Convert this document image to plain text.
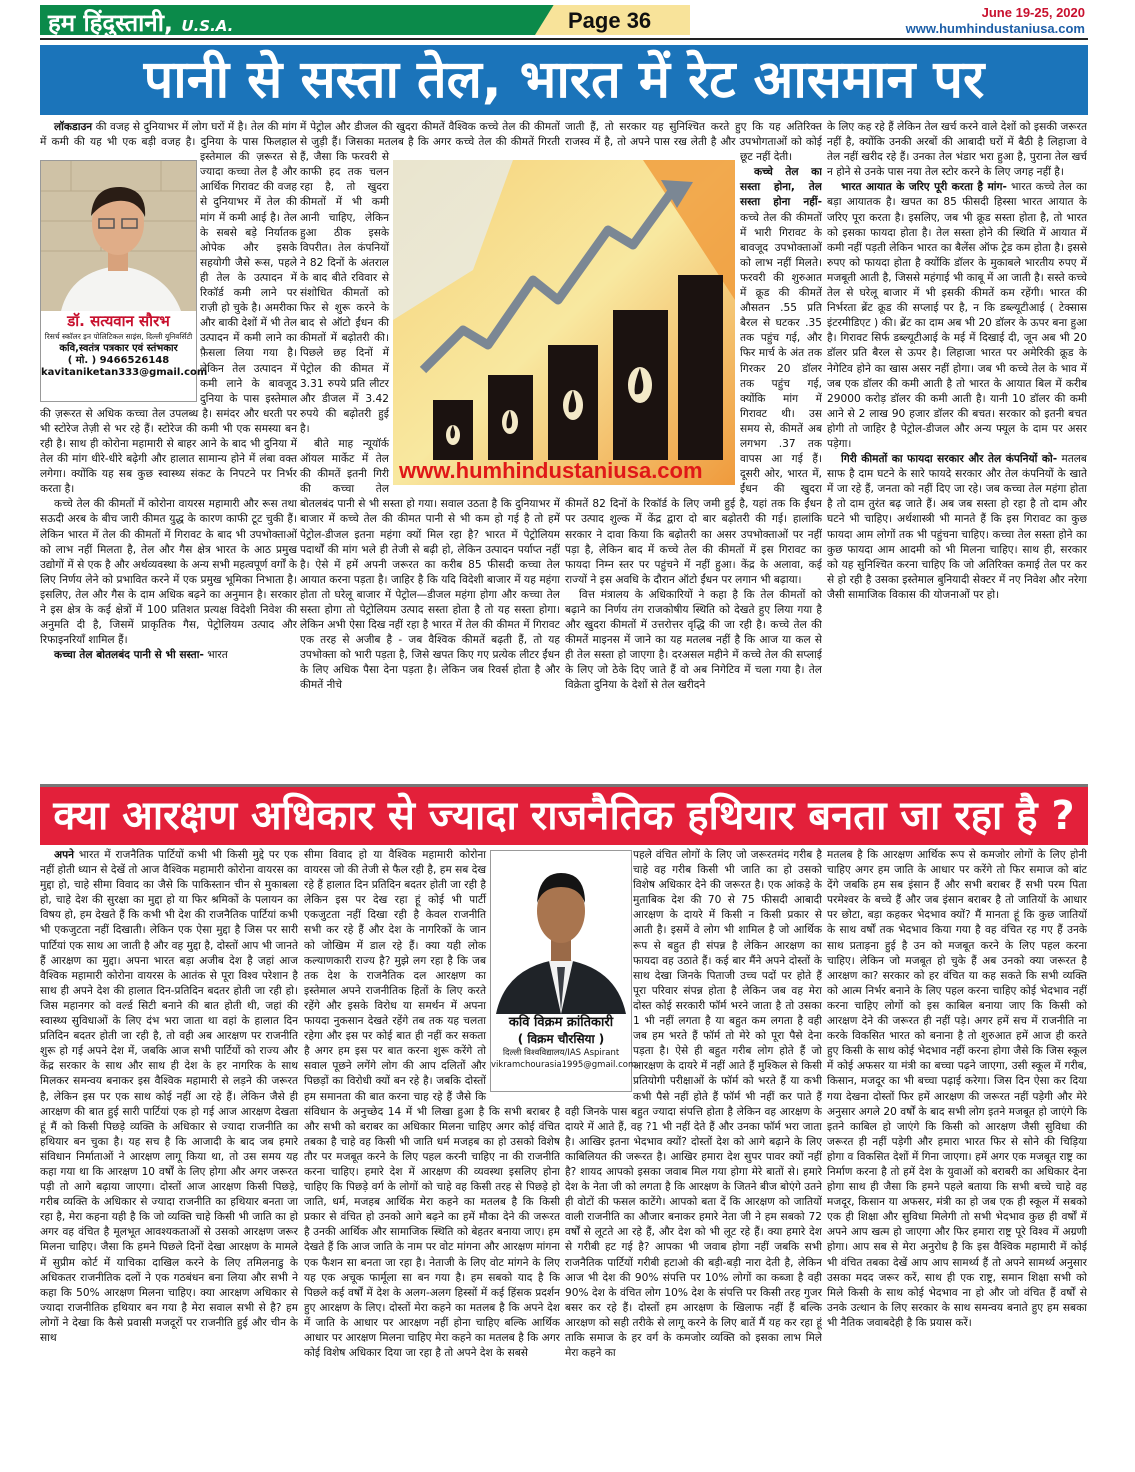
हम हिंदुस्तानी, U.S.A.	Page 36	June 19-25, 2020
www.humhindustaniusa.com
पानी से सस्ता तेल, भारत में रेट आसमान पर

लॉकडाउन की वजह से दुनियाभर में लोग घरों में है। तेल की मांग में कमी की यह भी एक बड़ी वजह है। दुनिया के पास फिलहाल इस्तेमाल की ज़रूरत से ज्यादा कच्चा तेल है और आर्थिक गिरावट की वजह से दुनियाभर में तेल की मांग में कमी आई है। तेल के सबसे बड़े निर्यातक ओपेक और इसके सहयोगी जैसे रूस, पहले ही तेल के उत्पादन में रिकॉर्ड कमी लाने पर राज़ी हो चुके है। अमरीका और बाकी देशों में भी तेल उत्पादन में कमी लाने का फ़ैसला लिया गया है। लेकिन तेल उत्पादन में कमी लाने के बावजूद दुनिया के पास इस्तेमाल की ज़रूरत से अधिक कच्चा तेल उपलब्ध है। समंदर और धरती पर भी स्टोरेज तेज़ी से भर रहे हैं। स्टोरेज की कमी भी एक समस्या बन रही है। साथ ही कोरोना महामारी से बाहर आने के बाद भी दुनिया में तेल की मांग धीरे-धीरे बढ़ेगी और हालात सामान्य होने में लंबा वक्त लगेगा। क्योंकि यह सब कुछ स्वास्थ्य संकट के निपटने पर निर्भर करता है।

कच्चे तेल की कीमतों में कोरोना वायरस महामारी और रूस तथा सऊदी अरब के बीच जारी कीमत युद्ध के कारण काफी टूट चुकी हैं। लेकिन भारत में तेल की कीमतों में गिरावट के बाद भी उपभोक्ताओं को लाभ नहीं मिलता है, तेल और गैस क्षेत्र भारत के आठ प्रमुख उद्योगों में से एक है और अर्थव्यवस्था के अन्य सभी महत्वपूर्ण वर्गों के लिए निर्णय लेने को प्रभावित करने में एक प्रमुख भूमिका निभाता है। इसलिए, तेल और गैस के दाम अधिक बढ़ने का अनुमान है। सरकार ने इस क्षेत्र के कई क्षेत्रों में 100 प्रतिशत प्रत्यक्ष विदेशी निवेश की अनुमति दी है, जिसमें प्राकृतिक गैस, पेट्रोलियम उत्पाद और रिफाइनरियाँ शामिल हैं।

कच्चा तेल बोतलबंद पानी से भी सस्ता- भारत

में पेट्रोल और डीजल की खुदरा कीमतें वैश्विक कच्चे तेल की कीमतों से जुड़ी हैं। जिसका मतलब है कि अगर कच्चे तेल की कीमतें गिरती हैं, जैसा कि फरवरी से काफी हद तक चलन रहा है, तो खुदरा कीमतों में भी कमी आनी चाहिए, लेकिन हुआ ठीक इसके विपरीत। तेल कंपनियों ने 82 दिनों के अंतराल के बाद बीते रविवार से संशोधित कीमतों को फिर से शुरू करने के बाद से ऑटो ईंधन की कीमतों में बढ़ोतरी की। पिछले छह दिनों में पेट्रोल की कीमत में 3.31 रुपये प्रति लीटर और डीजल में 3.42 रुपये की बढ़ोतरी हुई है।

बीते माह न्यूयॉर्क ऑयल मार्केट में तेल की कीमतें इतनी गिरी की कच्चा तेल बोतलबंद पानी से भी सस्ता हो गया। सवाल उठता है कि दुनियाभर में बाजार में कच्चे तेल की कीमत पानी से भी कम हो गई है तो हमें पेट्रोल-डीजल इतना महंगा क्यों मिल रहा है? भारत में पेट्रोलियम पदार्थों की मांग भले ही तेजी से बढ़ी हो, लेकिन उत्पादन पर्याप्त नहीं है। ऐसे में हमें अपनी जरूरत का करीब 85 फीसदी कच्चा तेल आयात करना पड़ता है। जाहिर है कि यदि विदेशी बाजार में यह महंगा होता तो घरेलू बाजार में पेट्रोल—डीजल महंगा होगा और कच्चा तेल सस्ता होगा तो पेट्रोलियम उत्पाद सस्ता होता है तो यह सस्ता होगा। लेकिन अभी ऐसा दिख नहीं रहा है भारत में तेल की कीमत में गिरावट एक तरह से अजीब है - जब वैश्विक कीमतें बढ़ती हैं, तो यह उपभोक्ता को भारी पड़ता है, जिसे खपत किए गए प्रत्येक लीटर ईंधन के लिए अधिक पैसा देना पड़ता है। लेकिन जब रिवर्स होता है और कीमतें नीचे

जाती हैं, तो सरकार यह सुनिश्चित करते हुए कि यह अतिरिक्त राजस्व में है, तो अपने पास रख लेती है और उपभोगताओं को कोई छूट नहीं देती।

कच्चे तेल का सस्ता होना, तेल सस्ता होना नहीं- कच्चे तेल की कीमतों में भारी गिरावट के बावजूद उपभोक्ताओं को लाभ नहीं मिलते। फरवरी की शुरुआत में क्रूड की कीमतें औसतन .55 प्रति बैरल से घटकर .35 तक पहुंच गई, और फिर मार्च के अंत तक गिरकर 20 डॉलर तक पहुंच गई, क्योंकि मांग में गिरावट थी। उस समय से, कीमतें अब लगभग .37 तक वापस आ गई हैं। दूसरी ओर, भारत में, ईंधन की खुदरा कीमतें 82 दिनों के रिकॉर्ड के लिए जमी हुई है, यहां तक कि ईंधन पर उत्पाद शुल्क में केंद्र द्वारा दो बार बढ़ोतरी की गई। हालांकि सरकार ने दावा किया कि बढ़ोतरी का असर उपभोक्ताओं पर नहीं पड़ा है, लेकिन बाद में कच्चे तेल की कीमतों में इस गिरावट का फायदा निम्न स्तर पर पहुंचने में नहीं हुआ। केंद्र के अलावा, कई राज्यों ने इस अवधि के दौरान ऑटो ईंधन पर लगान भी बढ़ाया।

वित्त मंत्रालय के अधिकारियों ने कहा है कि तेल कीमतों को बढ़ाने का निर्णय तंग राजकोषीय स्थिति को देखते हुए लिया गया है और खुदरा कीमतों में उत्तरोत्तर वृद्धि की जा रही है। कच्चे तेल की कीमतें माइनस में जाने का यह मतलब नहीं है कि आज या कल से ही तेल सस्ता हो जाएगा है। दरअसल महीने में कच्चे तेल की सप्लाई के लिए जो ठेके दिए जाते हैं वो अब निगेटिव में चला गया है। तेल विक्रेता दुनिया के देशों से तेल खरीदने

के लिए कह रहे हैं लेकिन तेल खर्च करने वाले देशों को इसकी जरूरत नहीं है, क्योंकि उनकी अरबों की आबादी घरों में बैठी है लिहाजा वे तेल नहीं खरीद रहे हैं। उनका तेल भंडार भरा हुआ है, पुराना तेल खर्च न होने से उनके पास नया तेल स्टोर करने के लिए जगह नहीं है।

भारत आयात के जरिए पूरी करता है मांग- भारत कच्चे तेल का बड़ा आयातक है। खपत का 85 फीसदी हिस्सा भारत आयात के जरिए पूरा करता है। इसलिए, जब भी क्रूड सस्ता होता है, तो भारत को इसका फायदा होता है। तेल सस्ता होने की स्थिति में आयात में कमी नहीं पड़ती लेकिन भारत का बैलेंस ऑफ ट्रेड कम होता है। इससे रुपए को फायदा होता है क्योंकि डॉलर के मुकाबले भारतीय रुपए में मजबूती आती है, जिससे महंगाई भी काबू में आ जाती है। सस्ते कच्चे तेल से घरेलू बाजार में भी इसकी कीमतें कम रहेंगी। भारत की निर्भरता ब्रेंट क्रूड की सप्लाई पर है, न कि डब्ल्यूटीआई ( टेक्सास इंटरमीडिएट ) की। ब्रेंट का दाम अब भी 20 डॉलर के ऊपर बना हुआ है। गिरावट सिर्फ डब्ल्यूटीआई के मई में दिखाई दी, जून अब भी 20 डॉलर प्रति बैरल से ऊपर है। लिहाजा भारत पर अमेरिकी क्रूड के नेगेटिव होने का खास असर नहीं होगा। जब भी कच्चे तेल के भाव में जब एक डॉलर की कमी आती है तो भारत के आयात बिल में करीब 29000 करोड़ डॉलर की कमी आती है। यानी 10 डॉलर की कमी आने से 2 लाख 90 हजार डॉलर की बचत। सरकार को इतनी बचत होगी तो जाहिर है पेट्रोल-डीजल और अन्य फ्यूल के दाम पर असर पड़ेगा।

गिरी कीमतों का फायदा सरकार और तेल कंपनियों को- मतलब साफ है दाम घटने के सारे फायदे सरकार और तेल कंपनियों के खाते में जा रहे हैं, जनता को नहीं दिए जा रहे। जब कच्चा तेल महंगा होता है तो दाम तुरंत बढ़ जाते हैं। अब जब सस्ता हो रहा है तो दाम और घटने भी चाहिए। अर्थशास्त्री भी मानते हैं कि इस गिरावट का कुछ फायदा आम लोगों तक भी पहुंचना चाहिए। कच्चा तेल सस्ता होने का कुछ फायदा आम आदमी को भी मिलना चाहिए। साथ ही, सरकार को यह सुनिश्चित करना चाहिए कि जो अतिरिक्त कमाई तेल पर कर से हो रही है उसका इस्तेमाल बुनियादी सेक्टर में नए निवेश और नरेगा जैसी सामाजिक विकास की योजनाओं पर हो।

डॉ. सत्यवान सौरभ
रिसर्च स्कॉलर इन पोलिटिकल साइंस, दिल्ली यूनिवर्सिटी
कवि,स्वतंत्र पत्रकार एवं स्तंभकार
( मो. ) 9466526148
kavitaniketan333@gmail.com
www.humhindustaniusa.com
क्या आरक्षण अधिकार से ज्यादा राजनैतिक हथियार बनता जा रहा है ?

अपने भारत में राजनैतिक पार्टियों कभी भी किसी मुद्दे पर एक नहीं होती ध्यान से देखें तो आज वैश्विक महामारी कोरोना वायरस का मुद्दा हो, चाहे सीमा विवाद का जैसे कि पाकिस्तान चीन से मुकाबला हो, चाहे देश की सुरक्षा का मुद्दा हो या फिर श्रमिकों के पलायन का विषय हो, हम देखते हैं कि कभी भी देश की राजनैतिक पार्टियां कभी भी एकजुटता नहीं दिखाती। लेकिन एक ऐसा मुद्दा है जिस पर सारी पार्टियां एक साथ आ जाती है और वह मुद्दा है, दोस्तों आप भी जानते हैं आरक्षण का मुद्दा। अपना भारत बड़ा अजीब देश है जहां आज वैश्विक महामारी कोरोना वायरस के आतंक से पूरा विश्व परेशान है साथ ही अपने देश की हालात दिन-प्रतिदिन बदतर होती जा रही हो। जिस महानगर को वर्ल्ड सिटी बनाने की बात होती थी, जहां की स्वास्थ्य सुविधाओं के लिए दंभ भरा जाता था वहां के हालात दिन प्रतिदिन बदतर होती जा रही है, तो वही अब आरक्षण पर राजनीति शुरू हो गई अपने देश में, जबकि आज सभी पार्टियों को राज्य और केंद्र सरकार के साथ और साथ ही देश के हर नागरिक के साथ मिलकर समन्वय बनाकर इस वैश्विक महामारी से लड़ने की जरूरत है, लेकिन इस पर एक साथ कोई नहीं आ रहे हैं। लेकिन जैसे ही आरक्षण की बात हुई सारी पार्टियां एक हो गई आज आरक्षण देखता हूं मैं को किसी पिछड़े व्यक्ति के अधिकार से ज्यादा राजनीति का हथियार बन चुका है। यह सच है कि आजादी के बाद जब हमारे संविधान निर्माताओं ने आरक्षण लागू किया था, तो उस समय यह कहा गया था कि आरक्षण 10 वर्षों के लिए होगा और अगर जरूरत पड़ी तो आगे बढ़ाया जाएगा। दोस्तों आज आरक्षण किसी पिछड़े, गरीब व्यक्ति के अधिकार से ज्यादा राजनीति का हथियार बनता जा रहा है, मेरा कहना यही है कि जो व्यक्ति चाहे किसी भी जाति का हो अगर वह वंचित है मूलभूत आवश्यकताओं से उसको आरक्षण जरूर मिलना चाहिए। जैसा कि हमने पिछले दिनों देखा आरक्षण के मामले में सुप्रीम कोर्ट में याचिका दाखिल करने के लिए तमिलनाडु के अधिकतर राजनीतिक दलों ने एक गठबंधन बना लिया और सभी ने कहा कि 50% आरक्षण मिलना चाहिए। क्या आरक्षण अधिकार से ज्यादा राजनीतिक हथियार बन गया है मेरा सवाल सभी से है? हम लोगों ने देखा कि कैसे प्रवासी मजदूरों पर राजनीति हुई और चीन के साथ

सीमा विवाद हो या वैश्विक महामारी कोरोना वायरस जो की तेजी से फैल रही है, हम सब देख रहे हैं हालात दिन प्रतिदिन बदतर होती जा रही है लेकिन इस पर देख रहा हूं कोई भी पार्टी एकजुटता नहीं दिखा रही है केवल राजनीति सभी कर रहे हैं और देश के नागरिकों के जान को जोखिम में डाल रहे हैं। क्या यही लोक कल्याणकारी राज्य है? मुझे लग रहा है कि जब तक देश के राजनैतिक दल आरक्षण का इस्तेमाल अपने राजनीतिक हितों के लिए करते रहेंगे और इसके विरोध या समर्थन में अपना फायदा नुकसान देखते रहेंगे तब तक यह चलता रहेगा और इस पर कोई बात ही नहीं कर सकता है अगर हम इस पर बात करना शुरू करेंगे तो सवाल पूछने लगेंगे लोग की आप दलितों और पिछड़ों का विरोधी क्यों बन रहे है। जबकि दोस्तों हम समानता की बात करना चाह रहे हैं जैसे कि संविधान के अनुच्छेद 14 में भी लिखा हुआ है कि सभी बराबर है और सभी को बराबर का अधिकार मिलना चाहिए अगर कोई वंचित तबका है चाहे वह किसी भी जाति धर्म मजहब का हो उसको विशेष तौर पर मजबूत करने के लिए पहल करनी चाहिए ना की राजनीति करना चाहिए। हमारे देश में आरक्षण की व्यवस्था इसलिए होना चाहिए कि पिछड़े वर्ग के लोगों को चाहे वह किसी तरह से पिछड़े हो जाति, धर्म, मजहब आर्थिक मेरा कहने का मतलब है कि किसी प्रकार से वंचित हो उनको आगे बढ़ने का हमें मौका देने की जरूरत है उनकी आर्थिक और सामाजिक स्थिति को बेहतर बनाया जाए। हम देखते हैं कि आज जाति के नाम पर वोट मांगना और आरक्षण मांगना एक फैशन सा बनता जा रहा है। नेताजी के लिए वोट मांगने के लिए यह एक अचूक फार्मूला सा बन गया है। हम सबको याद है कि पिछले कई वर्षों में देश के अलग-अलग हिस्सों में कई हिंसक प्रदर्शन हुए आरक्षण के लिए। दोस्तों मेरा कहने का मतलब है कि अपने देश में जाति के आधार पर आरक्षण नहीं होना चाहिए बल्कि आर्थिक आधार पर आरक्षण मिलना चाहिए मेरा कहने का मतलब है कि अगर कोई विशेष अधिकार दिया जा रहा है तो अपने देश के सबसे

पहले वंचित लोगों के लिए जो जरूरतमंद गरीब है चाहे वह गरीब किसी भी जाति का हो उसको विशेष अधिकार देने की जरूरत है। एक आंकड़े के मुताबिक देश की 70 से 75 फीसदी आबादी आरक्षण के दायरे में किसी न किसी प्रकार से आती है। इसमें वे लोग भी शामिल है जो आर्थिक रूप से बहुत ही संपन्न है लेकिन आरक्षण का फायदा वह उठाते हैं। कई बार मैंने अपने दोस्तों के साथ देखा जिनके पिताजी उच्च पदों पर होते हैं पूरा परिवार संपन्न होता है लेकिन जब वह मेरा दोस्त कोई सरकारी फॉर्म भरने जाता है तो उसका 1 भी नहीं लगता है या बहुत कम लगता है वही जब हम भरते हैं फॉर्म तो मेरे को पूरा पैसे देना पड़ता है। ऐसे ही बहुत गरीब लोग होते हैं जो आरक्षण के दायरे में नहीं आते हैं मुश्किल से किसी प्रतियोगी परीक्षाओं के फॉर्म को भरते हैं या कभी कभी पैसे नहीं होते हैं फॉर्म भी नहीं कर पाते हैं वही जिनके पास बहुत ज्यादा संपत्ति होता है लेकिन वह आरक्षण के दायरे में आते हैं, वह ?1 भी नहीं देते हैं और उनका फॉर्म भरा जाता है। आखिर इतना भेदभाव क्यों? दोस्तों देश को आगे बढ़ाने के लिए काबिलियत की जरूरत है। आखिर हमारा देश सुपर पावर क्यों नहीं है? शायद आपको इसका जवाब मिल गया होगा मेरे बातों से। हमारे देश के नेता जी को लगता है कि आरक्षण के जितने बीज बोएंगे उतने ही वोटों की फसल काटेंगे। आपको बता दें कि आरक्षण को जातियों वाली राजनीति का औजार बनाकर हमारे नेता जी ने हम सबको 72 वर्षों से लूटते आ रहे हैं, और देश को भी लूट रहे हैं। क्या हमारे देश से गरीबी हट गई है? आपका भी जवाब होगा नहीं जबकि सभी राजनैतिक पार्टियों गरीबी हटाओ की बड़ी-बड़ी नारा देती है, लेकिन आज भी देश की 90% संपत्ति पर 10% लोगों का कब्जा है वही 90% देश के वंचित लोग 10% देश के संपत्ति पर किसी तरह गुजर बसर कर रहे हैं। दोस्तों हम आरक्षण के खिलाफ नहीं हैं बल्कि आरक्षण को सही तरीके से लागू करने के लिए बातें मैं यह कर रहा हूं ताकि समाज के हर वर्ग के कमजोर व्यक्ति को इसका लाभ मिले मेरा कहने का

मतलब है कि आरक्षण आर्थिक रूप से कमजोर लोगों के लिए होनी चाहिए अगर हम जाति के आधार पर करेंगे तो फिर समाज को बांट देंगे जबकि हम सब इंसान हैं और सभी बराबर हैं सभी परम पिता परमेश्वर के बच्चे हैं और जब इंसान बराबर है तो जातियों के आधार पर छोटा, बड़ा कहकर भेदभाव क्यों? मैं मानता हूं कि कुछ जातियों के साथ वर्षों तक भेदभाव किया गया है वह वंचित रह गए हैं उनके साथ प्रताड़ना हुई है उन को मजबूत करने के लिए पहल करना चाहिए। लेकिन जो मजबूत हो चुके हैं अब उनको क्या जरूरत है आरक्षण का? सरकार को हर वंचित या कह सकते कि सभी व्यक्ति को आत्म निर्भर बनाने के लिए पहल करना चाहिए कोई भेदभाव नहीं करना चाहिए लोगों को इस काबिल बनाया जाए कि किसी को आरक्षण देने की जरूरत ही नहीं पड़े। अगर हमें सच में राजनीति ना करके विकसित भारत को बनाना है तो शुरुआत हमें आज ही करते हुए किसी के साथ कोई भेदभाव नहीं करना होगा जैसे कि जिस स्कूल में कोई अफसर या मंत्री का बच्चा पढ़ने जाएगा, उसी स्कूल में गरीब, किसान, मजदूर का भी बच्चा पढ़ाई करेगा। जिस दिन ऐसा कर दिया गया देखना दोस्तों फिर हमें आरक्षण की जरूरत नहीं पड़ेगी और मेरे अनुसार अगले 20 वर्षों के बाद सभी लोग इतने मजबूत हो जाएंगे कि इतने काबिल हो जाएंगे कि किसी को आरक्षण जैसी सुविधा की जरूरत ही नहीं पड़ेगी और हमारा भारत फिर से सोने की चिड़िया होगा व विकसित देशों में गिना जाएगा। हमें अगर एक मजबूत राष्ट्र का निर्माण करना है तो हमें देश के युवाओं को बराबरी का अधिकार देना होगा साथ ही जैसा कि हमने पहले बताया कि सभी बच्चे चाहे वह मजदूर, किसान या अफसर, मंत्री का हो जब एक ही स्कूल में सबको एक ही शिक्षा और सुविधा मिलेगी तो सभी भेदभाव कुछ ही वर्षों में अपने आप खत्म हो जाएगा और फिर हमारा राष्ट्र पूरे विश्व में अग्रणी होगा। आप सब से मेरा अनुरोध है कि इस वैश्विक महामारी में कोई भी वंचित तबका देखें आप आप सामर्थ्य हैं तो अपने सामर्थ्य अनुसार उसका मदद जरूर करें, साथ ही एक राष्ट्र, समान शिक्षा सभी को मिले किसी के साथ कोई भेदभाव ना हो और जो वंचित हैं वर्षों से उनके उत्थान के लिए सरकार के साथ समन्वय बनाते हुए हम सबका भी नैतिक जवाबदेही है कि प्रयास करें।

कवि विक्रम क्रांतिकारी
( विक्रम चौरसिया )
दिल्ली विश्वविद्यालय/IAS Aspirant
vikramchourasia1995@gmail.com
